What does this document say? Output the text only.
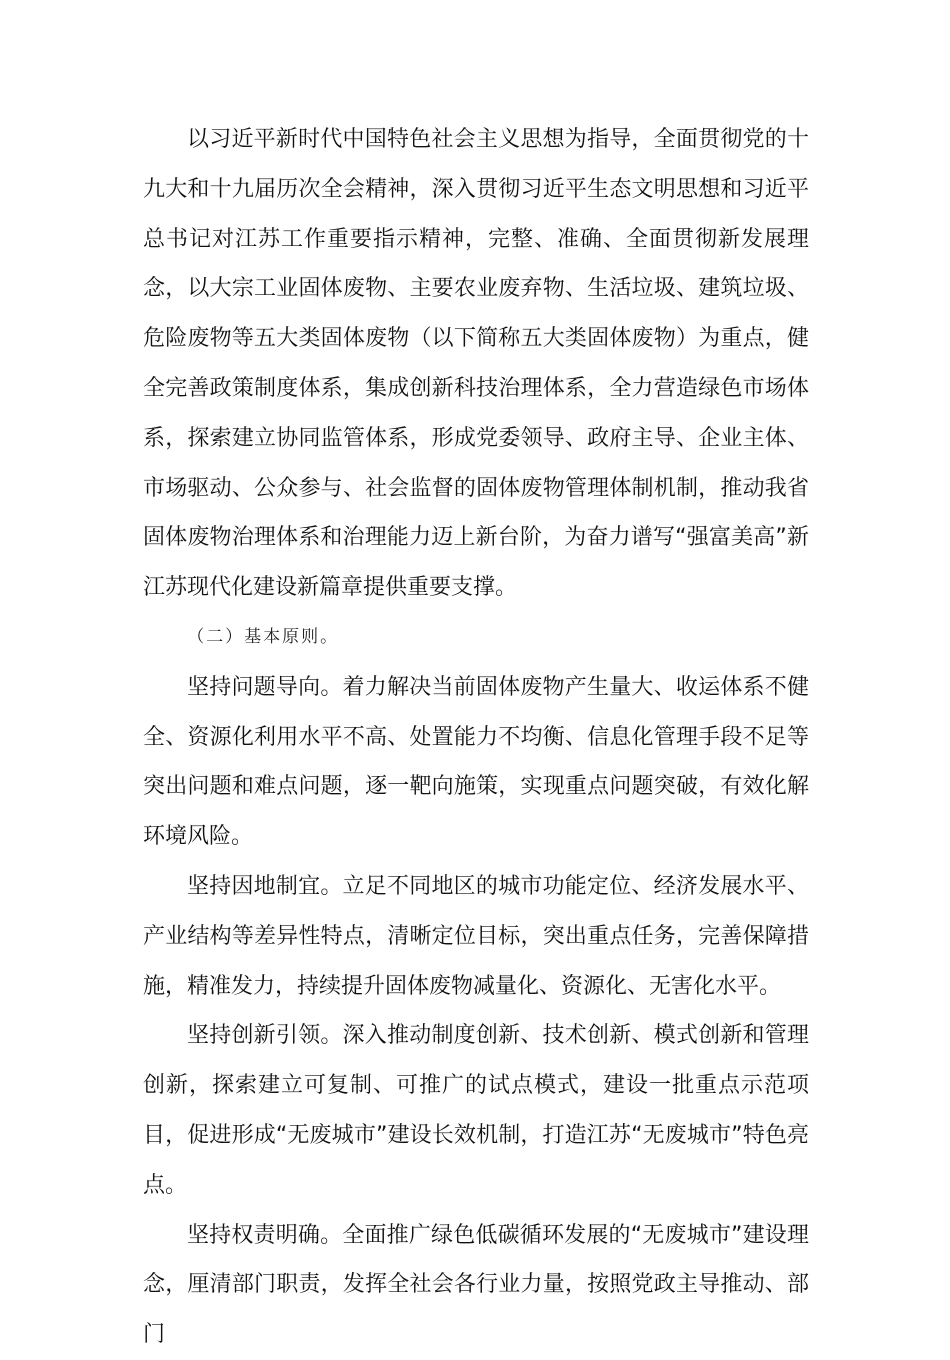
以习近平新时代中国特色社会主义思想为指导，全面贯彻党的十九大和十九届历次全会精神，深入贯彻习近平生态文明思想和习近平总书记对江苏工作重要指示精神，完整、准确、全面贯彻新发展理念，以大宗工业固体废物、主要农业废弃物、生活垃圾、建筑垃圾、危险废物等五大类固体废物（以下简称五大类固体废物）为重点，健全完善政策制度体系，集成创新科技治理体系，全力营造绿色市场体系，探索建立协同监管体系，形成党委领导、政府主导、企业主体、市场驱动、公众参与、社会监督的固体废物管理体制机制，推动我省固体废物治理体系和治理能力迈上新台阶，为奋力谱写“强富美高”新江苏现代化建设新篇章提供重要支撑。

（二）基本原则。

坚持问题导向。着力解决当前固体废物产生量大、收运体系不健全、资源化利用水平不高、处置能力不均衡、信息化管理手段不足等突出问题和难点问题，逐一靶向施策，实现重点问题突破，有效化解环境风险。

坚持因地制宜。立足不同地区的城市功能定位、经济发展水平、产业结构等差异性特点，清晰定位目标，突出重点任务，完善保障措施，精准发力，持续提升固体废物减量化、资源化、无害化水平。

坚持创新引领。深入推动制度创新、技术创新、模式创新和管理创新，探索建立可复制、可推广的试点模式，建设一批重点示范项目，促进形成“无废城市”建设长效机制，打造江苏“无废城市”特色亮点。

坚持权责明确。全面推广绿色低碳循环发展的“无废城市”建设理念，厘清部门职责，发挥全社会各行业力量，按照党政主导推动、部门
